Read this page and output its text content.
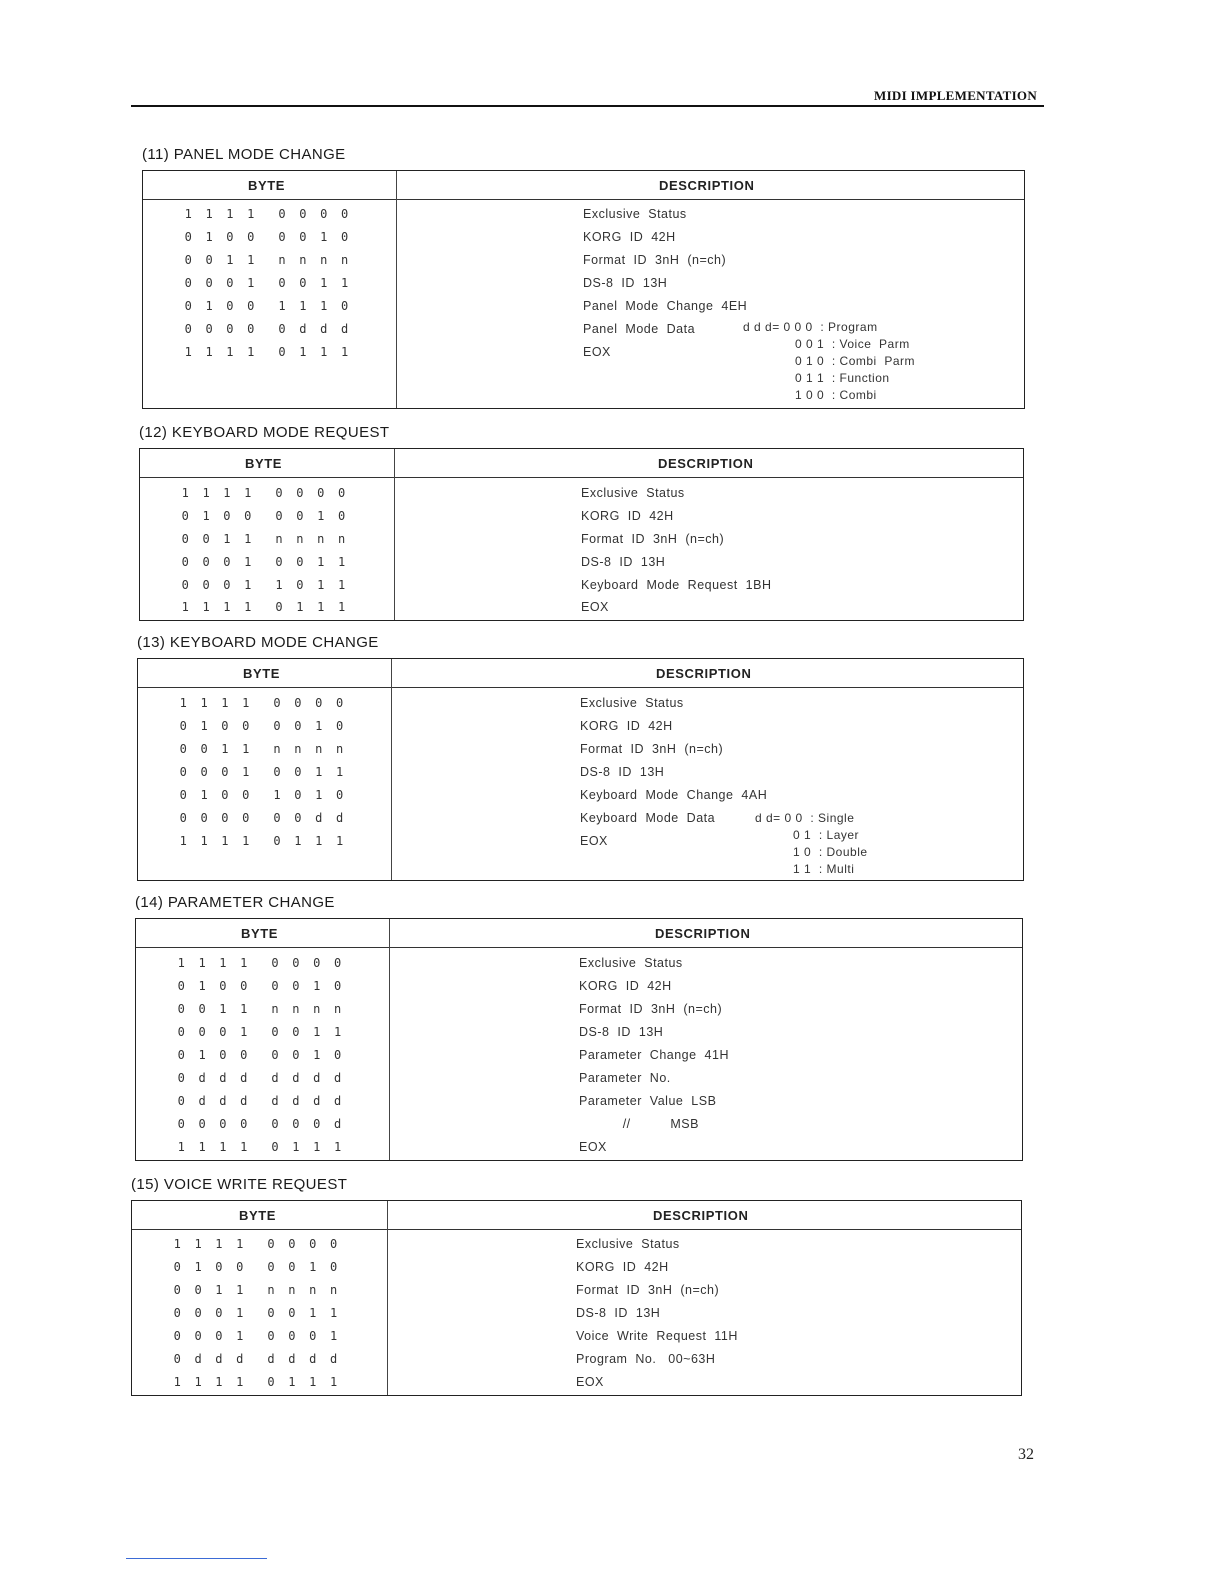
MIDI IMPLEMENTATION
(11) PANEL MODE CHANGE
BYTE	DESCRIPTION
1 1 1 1  0 0 0 0	Exclusive  Status
0 1 0 0  0 0 1 0	KORG  ID  42H
0 0 1 1  n n n n	Format  ID  3nH  (n=ch)
0 0 0 1  0 0 1 1	DS-8  ID  13H
0 1 0 0  1 1 1 0	Panel  Mode  Change  4EH
0 0 0 0  0 d d d	Panel  Mode  Data
1 1 1 1  0 1 1 1	EOX
d d d= 0 0 0  : Program
0 0 1  : Voice  Parm
0 1 0  : Combi  Parm
0 1 1  : Function
1 0 0  : Combi
(12) KEYBOARD MODE REQUEST
BYTE	DESCRIPTION
1 1 1 1  0 0 0 0	Exclusive  Status
0 1 0 0  0 0 1 0	KORG  ID  42H
0 0 1 1  n n n n	Format  ID  3nH  (n=ch)
0 0 0 1  0 0 1 1	DS-8  ID  13H
0 0 0 1  1 0 1 1	Keyboard  Mode  Request  1BH
1 1 1 1  0 1 1 1	EOX
(13) KEYBOARD MODE CHANGE
BYTE	DESCRIPTION
1 1 1 1  0 0 0 0	Exclusive  Status
0 1 0 0  0 0 1 0	KORG  ID  42H
0 0 1 1  n n n n	Format  ID  3nH  (n=ch)
0 0 0 1  0 0 1 1	DS-8  ID  13H
0 1 0 0  1 0 1 0	Keyboard  Mode  Change  4AH
0 0 0 0  0 0 d d	Keyboard  Mode  Data
1 1 1 1  0 1 1 1	EOX
d d= 0 0  : Single
0 1  : Layer
1 0  : Double
1 1  : Multi
(14) PARAMETER CHANGE
BYTE	DESCRIPTION
1 1 1 1  0 0 0 0	Exclusive  Status
0 1 0 0  0 0 1 0	KORG  ID  42H
0 0 1 1  n n n n	Format  ID  3nH  (n=ch)
0 0 0 1  0 0 1 1	DS-8  ID  13H
0 1 0 0  0 0 1 0	Parameter  Change  41H
0 d d d  d d d d	Parameter  No.
0 d d d  d d d d	Parameter  Value  LSB
0 0 0 0  0 0 0 d	//          MSB
1 1 1 1  0 1 1 1	EOX
(15) VOICE WRITE REQUEST
BYTE	DESCRIPTION
1 1 1 1  0 0 0 0	Exclusive  Status
0 1 0 0  0 0 1 0	KORG  ID  42H
0 0 1 1  n n n n	Format  ID  3nH  (n=ch)
0 0 0 1  0 0 1 1	DS-8  ID  13H
0 0 0 1  0 0 0 1	Voice  Write  Request  11H
0 d d d  d d d d	Program  No.   00~63H
1 1 1 1  0 1 1 1	EOX
32
